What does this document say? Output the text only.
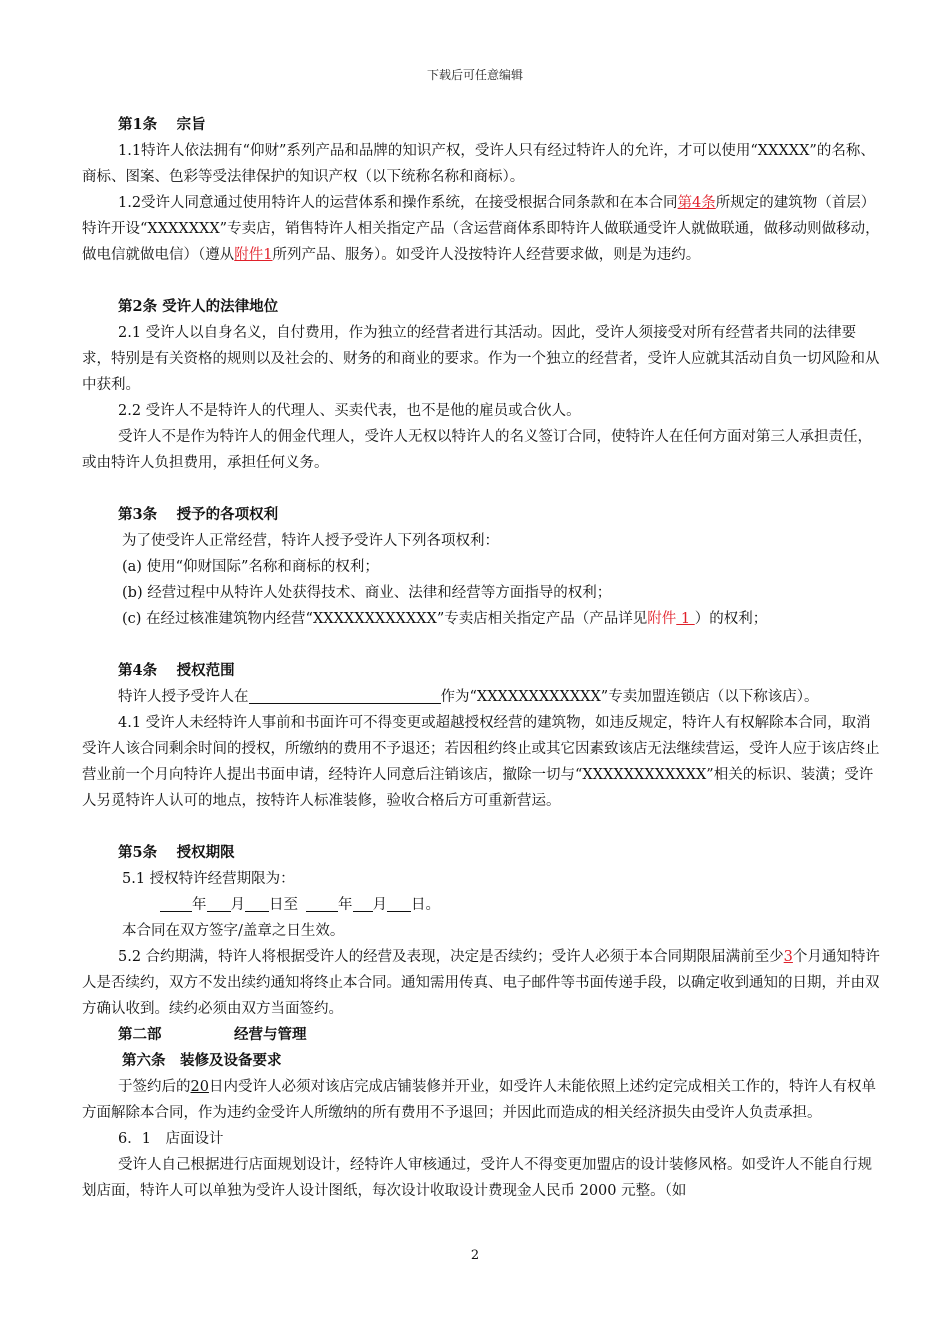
下载后可任意编辑
第1条　 宗旨
1.1特许人依法拥有“仰财”系列产品和品牌的知识产权，受许人只有经过特许人的允许，才可以使用“XXXXX”的名称、商标、图案、色彩等受法律保护的知识产权（以下统称名称和商标）。
1.2受许人同意通过使用特许人的运营体系和操作系统，在接受根据合同条款和在本合同第4条所规定的建筑物（首层）特许开设“XXXXXXX”专卖店，销售特许人相关指定产品（含运营商体系即特许人做联通受许人就做联通，做移动则做移动，做电信就做电信）（遵从附件1所列产品、服务）。如受许人没按特许人经营要求做，则是为违约。
第2条 受许人的法律地位
2.1 受许人以自身名义，自付费用，作为独立的经营者进行其活动。因此，受许人须接受对所有经营者共同的法律要求，特别是有关资格的规则以及社会的、财务的和商业的要求。作为一个独立的经营者，受许人应就其活动自负一切风险和从中获利。
2.2 受许人不是特许人的代理人、买卖代表，也不是他的雇员或合伙人。
受许人不是作为特许人的佣金代理人，受许人无权以特许人的名义签订合同，使特许人在任何方面对第三人承担责任，或由特许人负担费用，承担任何义务。
第3条　 授予的各项权利
为了使受许人正常经营，特许人授予受许人下列各项权利：
(a) 使用“仰财国际”名称和商标的权利；
(b) 经营过程中从特许人处获得技术、商业、法律和经营等方面指导的权利；
(c) 在经过核准建筑物内经营“XXXXXXXXXXXX”专卖店相关指定产品（产品详见附件 1 ）的权利；
第4条　 授权范围
特许人授予受许人在	作为“XXXXXXXXXXXX”专卖加盟连锁店（以下称该店）。
4.1 受许人未经特许人事前和书面许可不得变更或超越授权经营的建筑物，如违反规定，特许人有权解除本合同，取消受许人该合同剩余时间的授权，所缴纳的费用不予退还；若因租约终止或其它因素致该店无法继续营运，受许人应于该店终止营业前一个月向特许人提出书面申请，经特许人同意后注销该店，撤除一切与“XXXXXXXXXXXX”相关的标识、装潢；受许人另觅特许人认可的地点，按特许人标准装修，验收合格后方可重新营运。
第5条　 授权期限
5.1 授权特许经营期限为：
年 月 日至	年 月 日。
本合同在双方签字/盖章之日生效。
5.2 合约期满，特许人将根据受许人的经营及表现，决定是否续约；受许人必须于本合同期限届满前至少3个月通知特许人是否续约，双方不发出续约通知将终止本合同。通知需用传真、电子邮件等书面传递手段，以确定收到通知的日期，并由双方确认收到。续约必须由双方当面签约。
第二部　　　　　经营与管理
第六条　装修及设备要求
于签约后的20日内受许人必须对该店完成店铺装修并开业，如受许人未能依照上述约定完成相关工作的，特许人有权单方面解除本合同，作为违约金受许人所缴纳的所有费用不予退回；并因此而造成的相关经济损失由受许人负责承担。
6．1　店面设计
受许人自己根据进行店面规划设计，经特许人审核通过，受许人不得变更加盟店的设计装修风格。如受许人不能自行规划店面，特许人可以单独为受许人设计图纸，每次设计收取设计费现金人民币 2000 元整。（如
2
